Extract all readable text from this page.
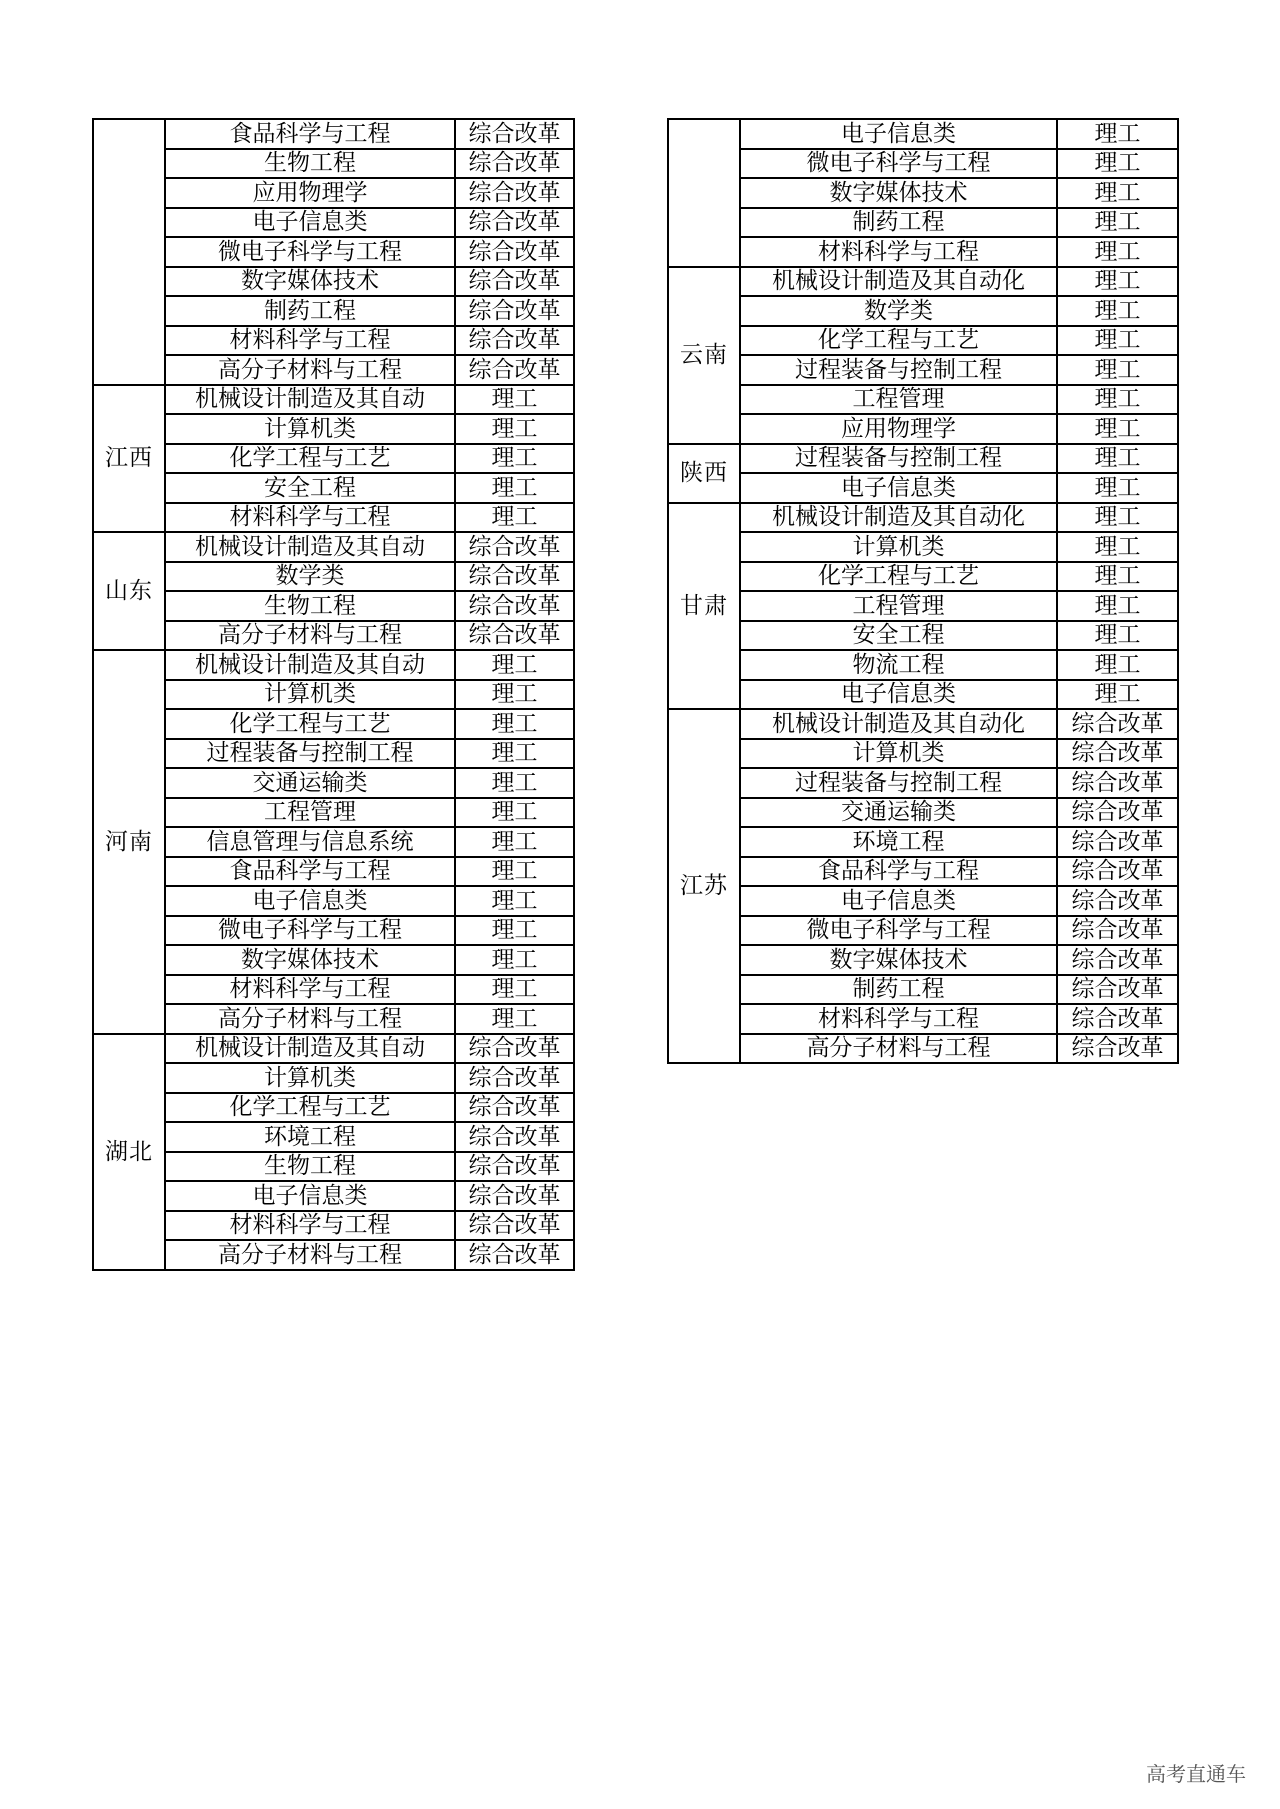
	食品科学与工程	综合改革
	生物工程	综合改革
	应用物理学	综合改革
	电子信息类	综合改革
	微电子科学与工程	综合改革
	数字媒体技术	综合改革
	制药工程	综合改革
	材料科学与工程	综合改革
	高分子材料与工程	综合改革
江西	机械设计制造及其自动	理工
	计算机类	理工
	化学工程与工艺	理工
	安全工程	理工
	材料科学与工程	理工
山东	机械设计制造及其自动	综合改革
	数学类	综合改革
	生物工程	综合改革
	高分子材料与工程	综合改革
河南	机械设计制造及其自动	理工
	计算机类	理工
	化学工程与工艺	理工
	过程装备与控制工程	理工
	交通运输类	理工
	工程管理	理工
	信息管理与信息系统	理工
	食品科学与工程	理工
	电子信息类	理工
	微电子科学与工程	理工
	数字媒体技术	理工
	材料科学与工程	理工
	高分子材料与工程	理工
湖北	机械设计制造及其自动	综合改革
	计算机类	综合改革
	化学工程与工艺	综合改革
	环境工程	综合改革
	生物工程	综合改革
	电子信息类	综合改革
	材料科学与工程	综合改革
	高分子材料与工程	综合改革
	电子信息类	理工
	微电子科学与工程	理工
	数字媒体技术	理工
	制药工程	理工
	材料科学与工程	理工
云南	机械设计制造及其自动化	理工
	数学类	理工
	化学工程与工艺	理工
	过程装备与控制工程	理工
	工程管理	理工
	应用物理学	理工
陕西	过程装备与控制工程	理工
	电子信息类	理工
甘肃	机械设计制造及其自动化	理工
	计算机类	理工
	化学工程与工艺	理工
	工程管理	理工
	安全工程	理工
	物流工程	理工
	电子信息类	理工
江苏	机械设计制造及其自动化	综合改革
	计算机类	综合改革
	过程装备与控制工程	综合改革
	交通运输类	综合改革
	环境工程	综合改革
	食品科学与工程	综合改革
	电子信息类	综合改革
	微电子科学与工程	综合改革
	数字媒体技术	综合改革
	制药工程	综合改革
	材料科学与工程	综合改革
	高分子材料与工程	综合改革
高考直通车
